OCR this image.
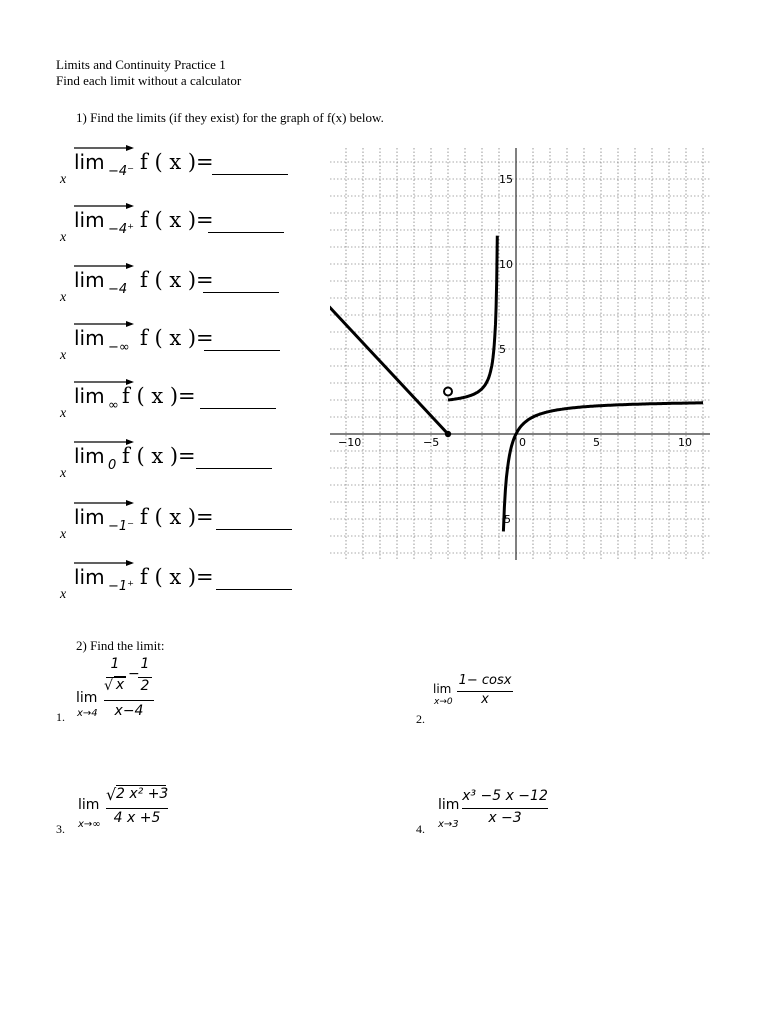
Limits and Continuity Practice 1
Find each limit without a calculator
1) Find the limits (if they exist) for the graph of f(x) below.
x
lim −4⁻ f ( x )=
x
lim −4⁺ f ( x )=
x
lim −4 f ( x )=
x
lim −∞ f ( x )=
x
lim ∞ f ( x )=
x
lim 0 f ( x )=
x
lim −1⁻ f ( x )=
x
lim −1⁺ f ( x )=
−10	−5	0	5	10
15
10
5
5
2) Find the limit:
1.
lim
x→4
1
√ x
−
1
2
x−4	2.
lim
x→0
1− cosx
x
3.
lim
x→∞
√ 2 x² +3
4 x +5
4.
lim
x→3
x³ −5 x −12
x −3
